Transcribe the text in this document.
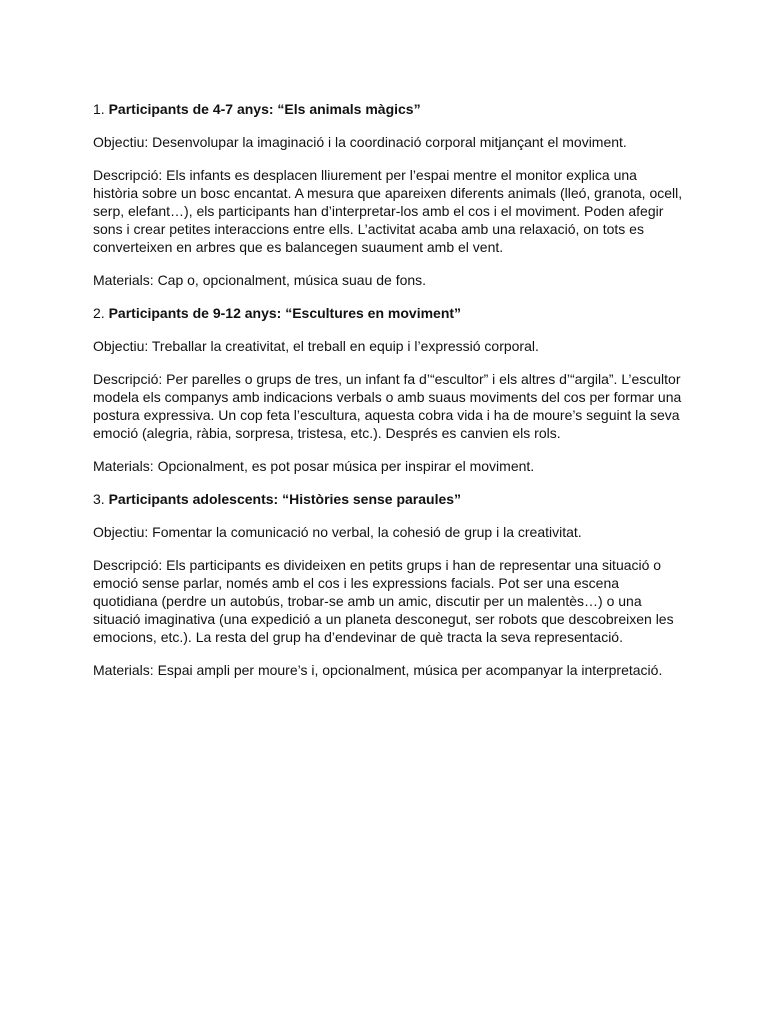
1. Participants de 4-7 anys: “Els animals màgics”

Objectiu: Desenvolupar la imaginació i la coordinació corporal mitjançant el moviment.

Descripció: Els infants es desplacen lliurement per l’espai mentre el monitor explica una història sobre un bosc encantat. A mesura que apareixen diferents animals (lleó, granota, ocell, serp, elefant…), els participants han d’interpretar-los amb el cos i el moviment. Poden afegir sons i crear petites interaccions entre ells. L’activitat acaba amb una relaxació, on tots es converteixen en arbres que es balancegen suaument amb el vent.

Materials: Cap o, opcionalment, música suau de fons.

2. Participants de 9-12 anys: “Escultures en moviment”

Objectiu: Treballar la creativitat, el treball en equip i l’expressió corporal.

Descripció: Per parelles o grups de tres, un infant fa d’“escultor” i els altres d’“argila”. L’escultor modela els companys amb indicacions verbals o amb suaus moviments del cos per formar una postura expressiva. Un cop feta l’escultura, aquesta cobra vida i ha de moure’s seguint la seva emoció (alegria, ràbia, sorpresa, tristesa, etc.). Després es canvien els rols.

Materials: Opcionalment, es pot posar música per inspirar el moviment.

3. Participants adolescents: “Històries sense paraules”

Objectiu: Fomentar la comunicació no verbal, la cohesió de grup i la creativitat.

Descripció: Els participants es divideixen en petits grups i han de representar una situació o emoció sense parlar, només amb el cos i les expressions facials. Pot ser una escena quotidiana (perdre un autobús, trobar-se amb un amic, discutir per un malentès…) o una situació imaginativa (una expedició a un planeta desconegut, ser robots que descobreixen les emocions, etc.). La resta del grup ha d’endevinar de què tracta la seva representació.

Materials: Espai ampli per moure’s i, opcionalment, música per acompanyar la interpretació.
